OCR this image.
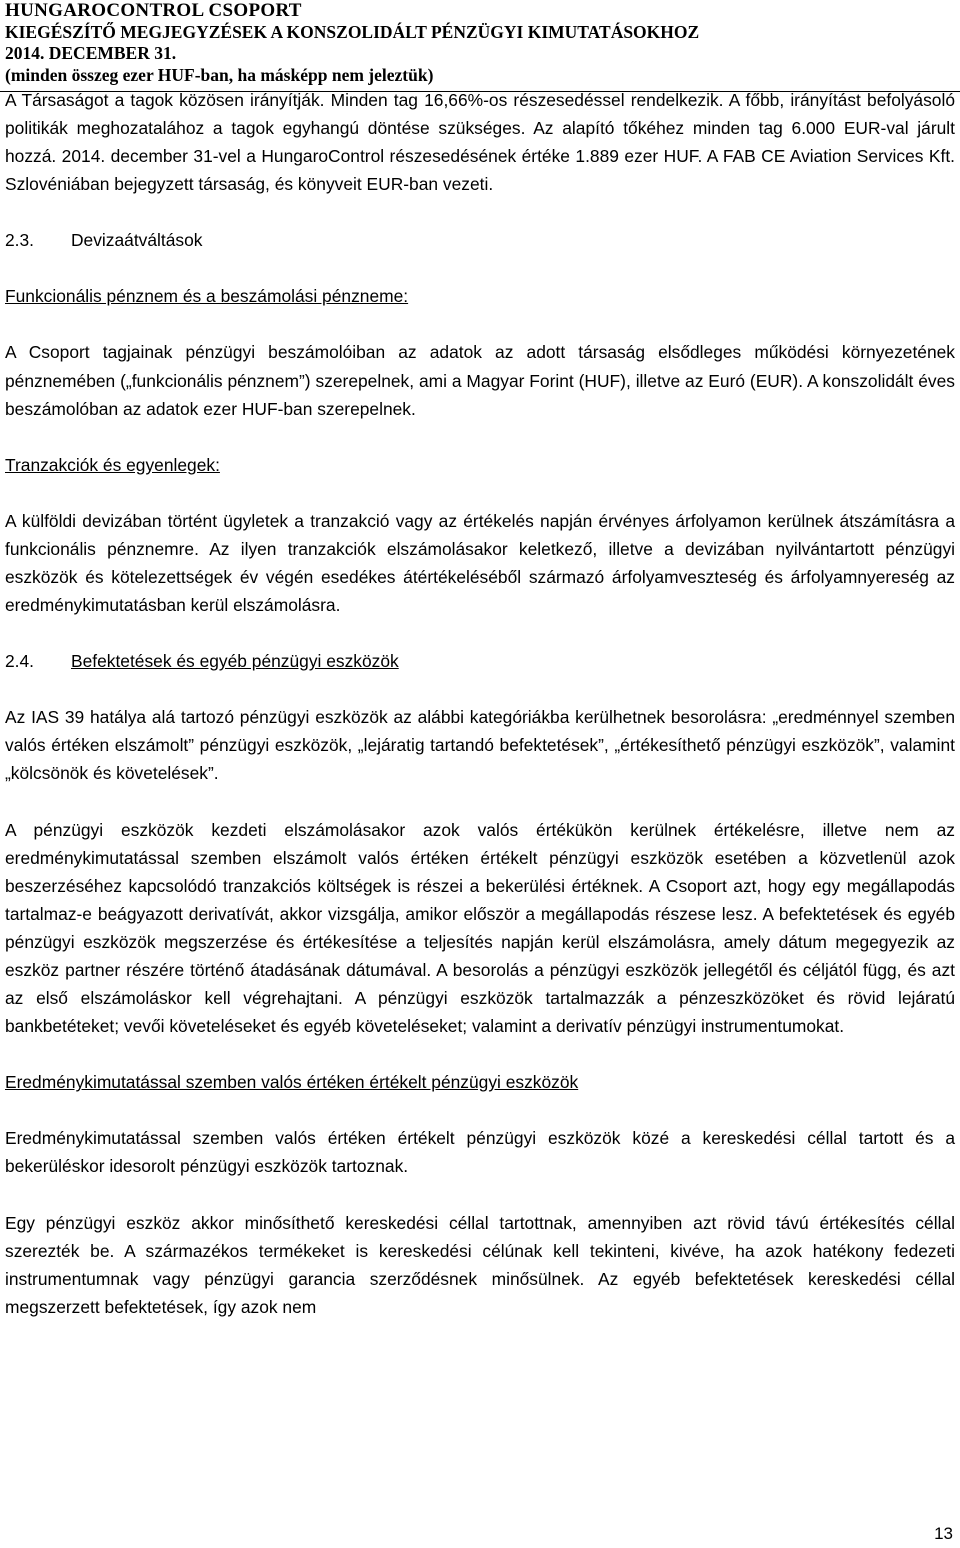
HUNGAROCONTROL CSOPORT
KIEGÉSZÍTŐ MEGJEGYZÉSEK A KONSZOLIDÁLT PÉNZÜGYI KIMUTATÁSOKHOZ
2014. DECEMBER 31.
(minden összeg ezer HUF-ban, ha másképp nem jeleztük)

A Társaságot a tagok közösen irányítják. Minden tag 16,66%-os részesedéssel rendelkezik. A főbb, irányítást befolyásoló politikák meghozatalához a tagok egyhangú döntése szükséges. Az alapító tőkéhez minden tag 6.000 EUR-val járult hozzá. 2014. december 31-vel a HungaroControl részesedésének értéke 1.889 ezer HUF. A FAB CE Aviation Services Kft. Szlovéniában bejegyzett társaság, és könyveit EUR-ban vezeti.

2.3. Devizaátváltások
Funkcionális pénznem és a beszámolási pénzneme:

A Csoport tagjainak pénzügyi beszámolóiban az adatok az adott társaság elsődleges működési környezetének pénznemében („funkcionális pénznem”) szerepelnek, ami a Magyar Forint (HUF), illetve az Euró (EUR). A konszolidált éves beszámolóban az adatok ezer HUF-ban szerepelnek.

Tranzakciók és egyenlegek:

A külföldi devizában történt ügyletek a tranzakció vagy az értékelés napján érvényes árfolyamon kerülnek átszámításra a funkcionális pénznemre. Az ilyen tranzakciók elszámolásakor keletkező, illetve a devizában nyilvántartott pénzügyi eszközök és kötelezettségek év végén esedékes átértékeléséből származó árfolyamveszteség és árfolyamnyereség az eredménykimutatásban kerül elszámolásra.

2.4. Befektetések és egyéb pénzügyi eszközök

Az IAS 39 hatálya alá tartozó pénzügyi eszközök az alábbi kategóriákba kerülhetnek besorolásra: „eredménnyel szemben valós értéken elszámolt” pénzügyi eszközök, „lejáratig tartandó befektetések”, „értékesíthető pénzügyi eszközök”, valamint „kölcsönök és követelések”.

A pénzügyi eszközök kezdeti elszámolásakor azok valós értékükön kerülnek értékelésre, illetve nem az eredménykimutatással szemben elszámolt valós értéken értékelt pénzügyi eszközök esetében a közvetlenül azok beszerzéséhez kapcsolódó tranzakciós költségek is részei a bekerülési értéknek. A Csoport azt, hogy egy megállapodás tartalmaz-e beágyazott derivatívát, akkor vizsgálja, amikor először a megállapodás részese lesz. A befektetések és egyéb pénzügyi eszközök megszerzése és értékesítése a teljesítés napján kerül elszámolásra, amely dátum megegyezik az eszköz partner részére történő átadásának dátumával. A besorolás a pénzügyi eszközök jellegétől és céljától függ, és azt az első elszámoláskor kell végrehajtani. A pénzügyi eszközök tartalmazzák a pénzeszközöket és rövid lejáratú bankbetéteket; vevői követeléseket és egyéb követeléseket; valamint a derivatív pénzügyi instrumentumokat.

Eredménykimutatással szemben valós értéken értékelt pénzügyi eszközök

Eredménykimutatással szemben valós értéken értékelt pénzügyi eszközök közé a kereskedési céllal tartott és a bekerüléskor idesorolt pénzügyi eszközök tartoznak.

Egy pénzügyi eszköz akkor minősíthető kereskedési céllal tartottnak, amennyiben azt rövid távú értékesítés céllal szerezték be. A származékos termékeket is kereskedési célúnak kell tekinteni, kivéve, ha azok hatékony fedezeti instrumentumnak vagy pénzügyi garancia szerződésnek minősülnek. Az egyéb befektetések kereskedési céllal megszerzett befektetések, így azok nem

13
